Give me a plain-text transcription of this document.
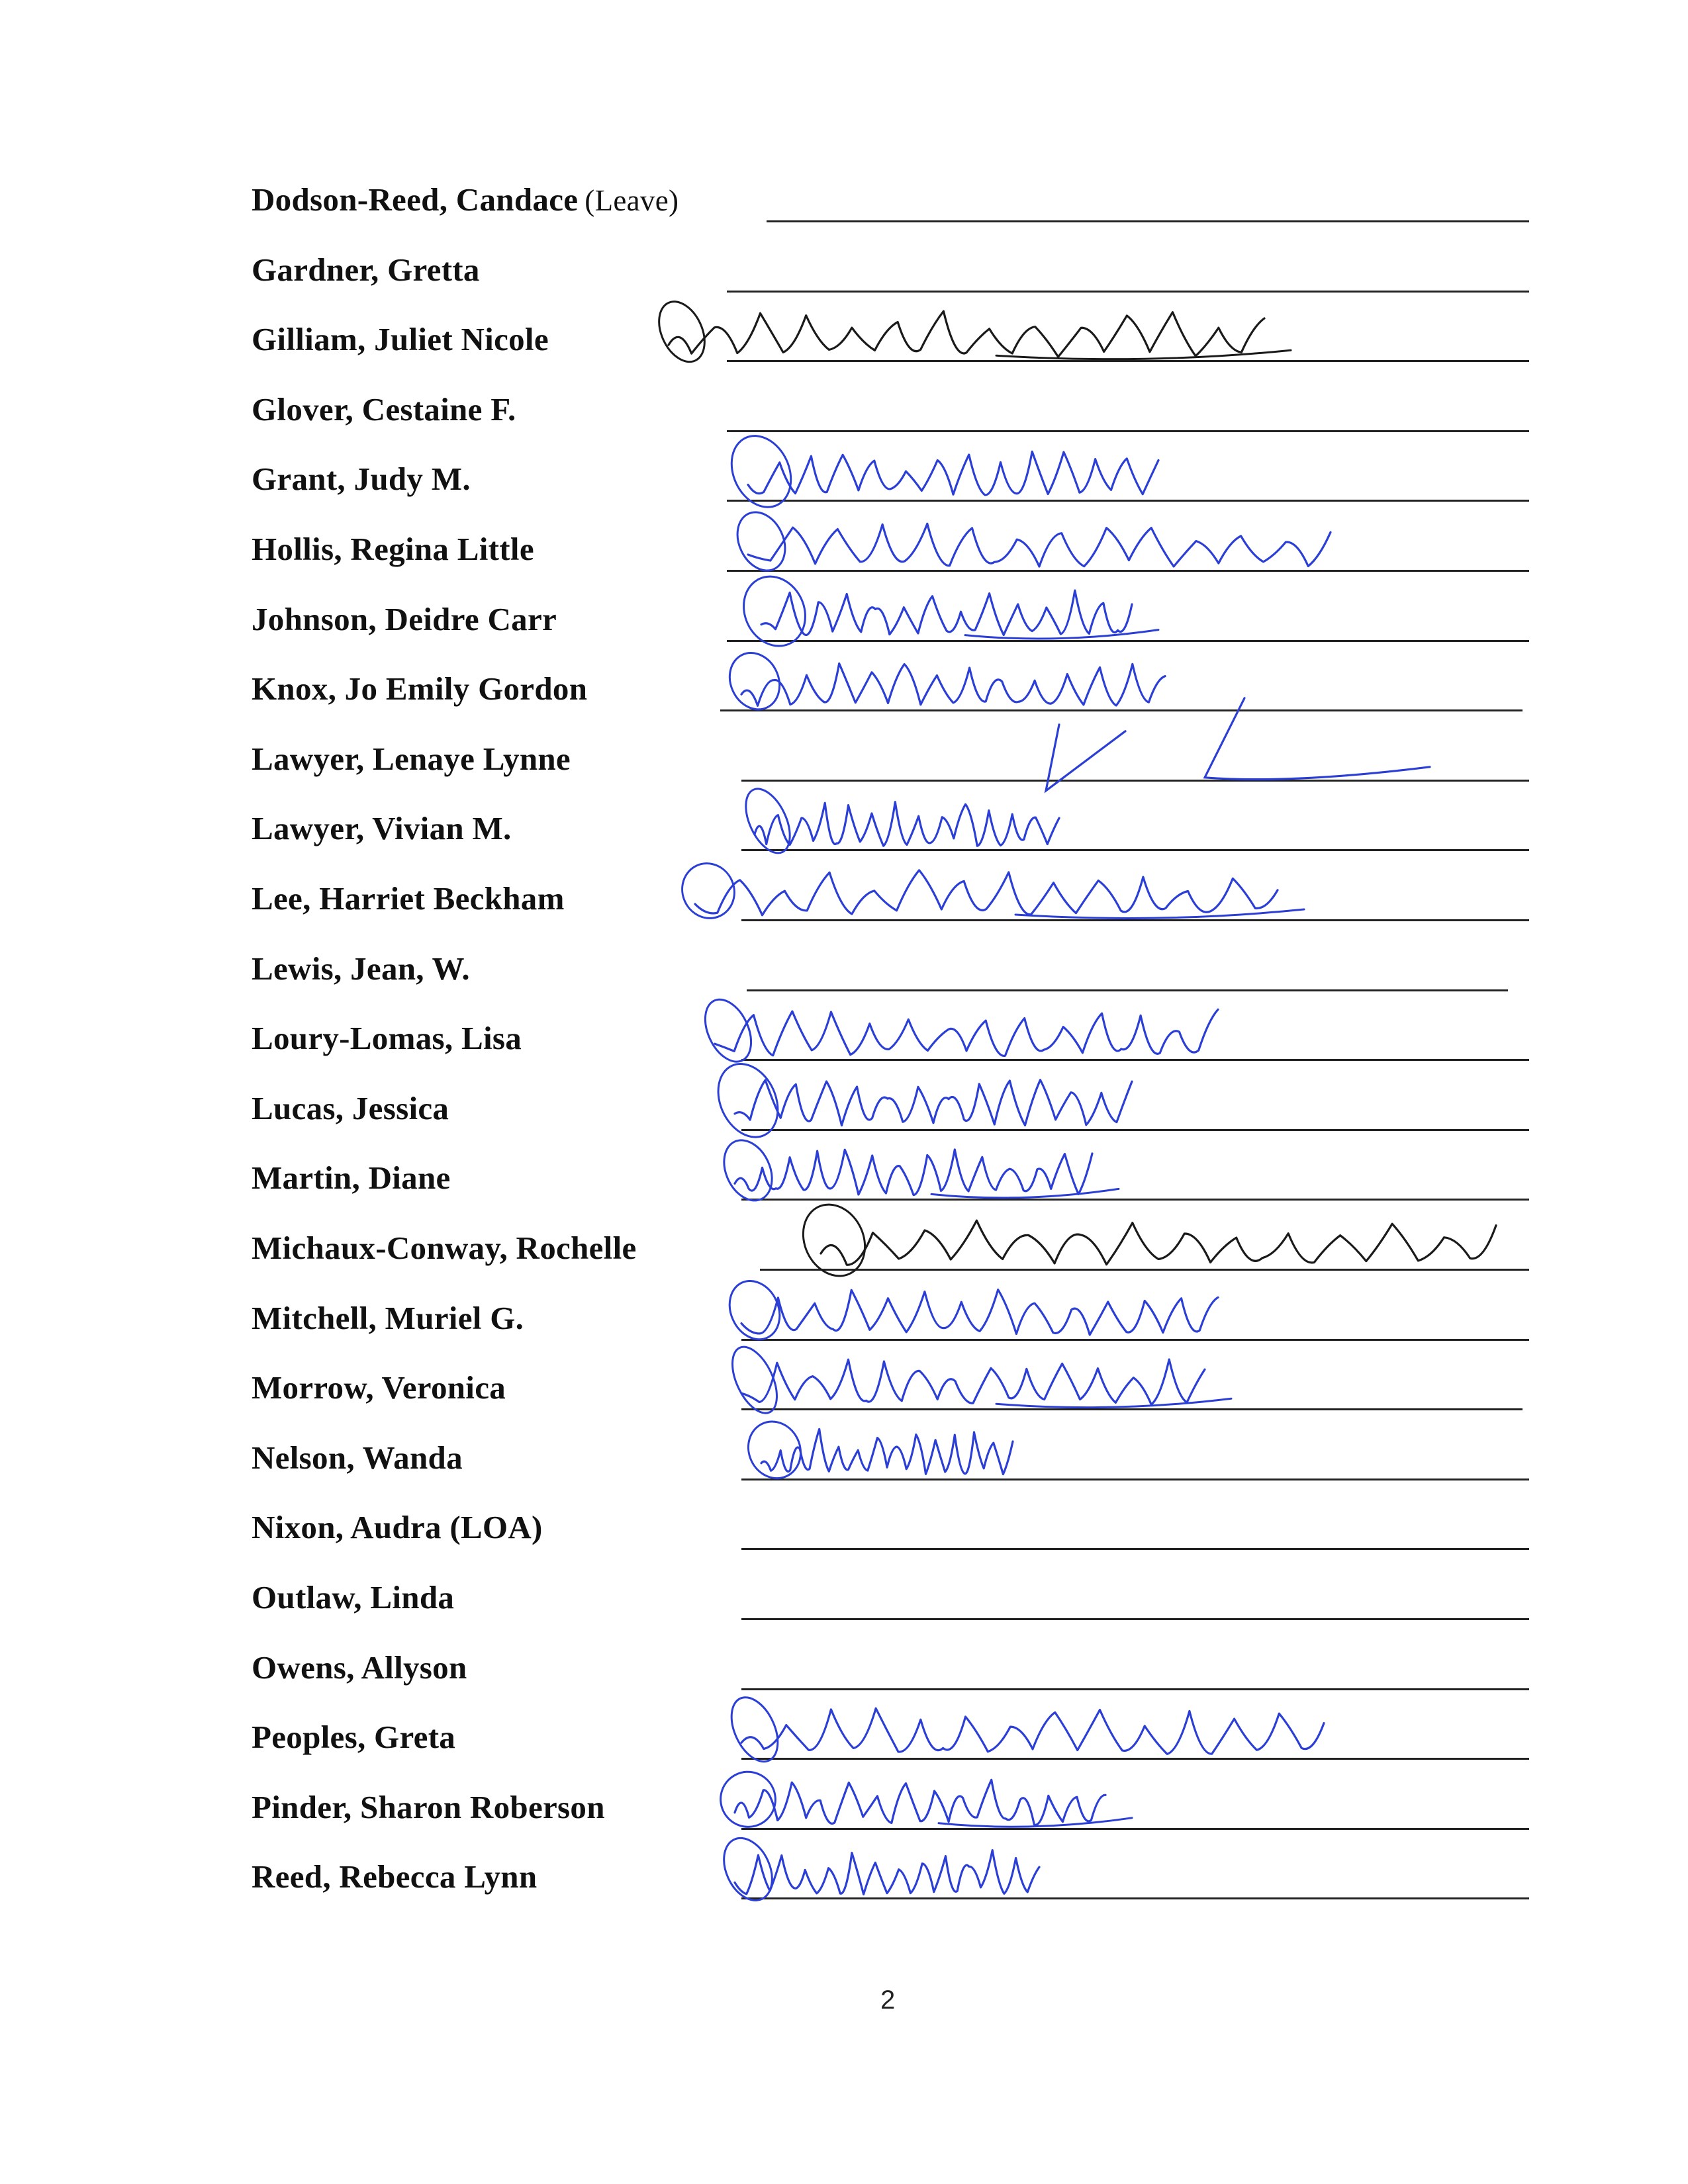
Dodson-Reed, Candace (Leave)
Gardner, Gretta
Gilliam, Juliet Nicole
Glover, Cestaine F.
Grant, Judy M.
Hollis, Regina Little
Johnson, Deidre Carr
Knox, Jo Emily Gordon
Lawyer, Lenaye Lynne
Lawyer, Vivian M.
Lee, Harriet Beckham
Lewis, Jean, W.
Loury-Lomas, Lisa
Lucas, Jessica
Martin, Diane
Michaux-Conway, Rochelle
Mitchell, Muriel G.
Morrow, Veronica
Nelson, Wanda
Nixon, Audra (LOA)
Outlaw, Linda
Owens, Allyson
Peoples, Greta
Pinder, Sharon Roberson
Reed, Rebecca Lynn
2
